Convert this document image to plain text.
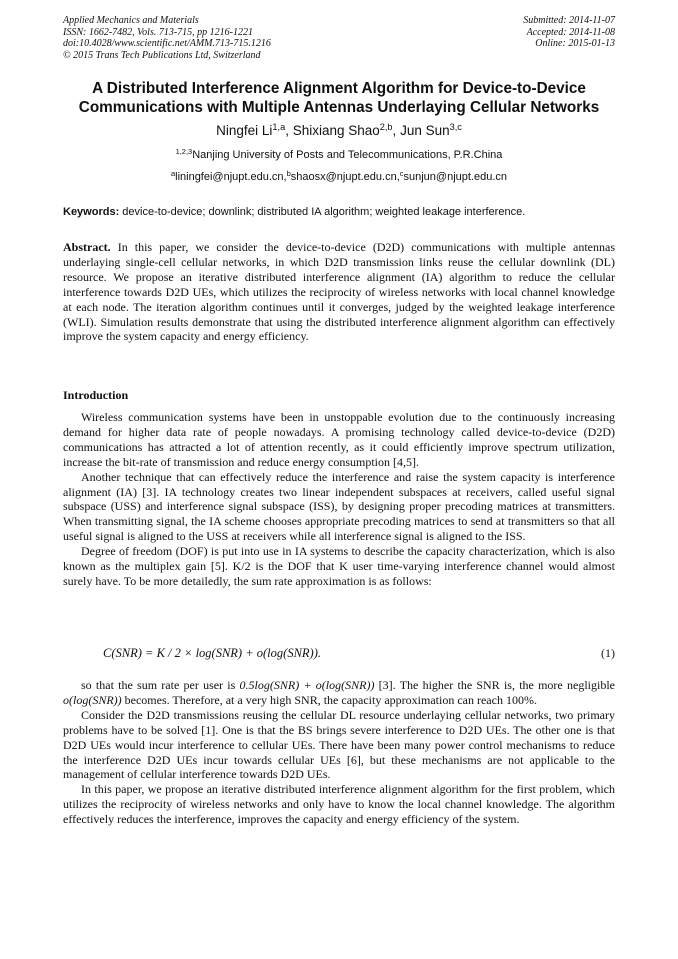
Applied Mechanics and Materials
ISSN: 1662-7482, Vols. 713-715, pp 1216-1221
doi:10.4028/www.scientific.net/AMM.713-715.1216
© 2015 Trans Tech Publications Ltd, Switzerland
Submitted: 2014-11-07
Accepted: 2014-11-08
Online: 2015-01-13
A Distributed Interference Alignment Algorithm for Device-to-Device Communications with Multiple Antennas Underlaying Cellular Networks
Ningfei Li$^{1,a}$, Shixiang Shao$^{2,b}$, Jun Sun$^{3,c}$
$^{1,2,3}$Nanjing University of Posts and Telecommunications, P.R.China
$^a$liningfei@njupt.edu.cn,$^b$shaosx@njupt.edu.cn,$^c$sunjun@njupt.edu.cn
Keywords: device-to-device; downlink; distributed IA algorithm; weighted leakage interference.
Abstract. In this paper, we consider the device-to-device (D2D) communications with multiple antennas underlaying single-cell cellular networks, in which D2D transmission links reuse the cellular downlink (DL) resource. We propose an iterative distributed interference alignment (IA) algorithm to reduce the cellular interference towards D2D UEs, which utilizes the reciprocity of wireless networks with local channel knowledge at each node. The iteration algorithm continues until it converges, judged by the weighted leakage interference (WLI). Simulation results demonstrate that using the distributed interference alignment algorithm can effectively improve the system capacity and energy efficiency.
Introduction

Wireless communication systems have been in unstoppable evolution due to the continuously increasing demand for higher data rate of people nowadays. A promising technology called device-to-device (D2D) communications has attracted a lot of attention recently, as it could efficiently improve spectrum utilization, increase the bit-rate of transmission and reduce energy consumption [4,5].

Another technique that can effectively reduce the interference and raise the system capacity is interference alignment (IA) [3]. IA technology creates two linear independent subspaces at receivers, called useful signal subspace (USS) and interference signal subspace (ISS), by designing proper precoding matrices at transmitters. When transmitting signal, the IA scheme chooses appropriate precoding matrices to send at transmitters so that all useful signal is aligned to the USS at receivers while all interference signal is aligned to the ISS.

Degree of freedom (DOF) is put into use in IA systems to describe the capacity characterization, which is also known as the multiplex gain [5]. K/2 is the DOF that K user time-varying interference channel would almost surely have. To be more detailedly, the sum rate approximation is as follows:

C(SNR) = K / 2 × log(SNR) + o(log(SNR)).	(1)

so that the sum rate per user is 0.5log(SNR) + o(log(SNR)) [3]. The higher the SNR is, the more negligible o(log(SNR)) becomes. Therefore, at a very high SNR, the capacity approximation can reach 100%.

Consider the D2D transmissions reusing the cellular DL resource underlaying cellular networks, two primary problems have to be solved [1]. One is that the BS brings severe interference to D2D UEs. The other one is that D2D UEs would incur interference to cellular UEs. There have been many power control mechanisms to reduce the interference D2D UEs incur towards cellular UEs [6], but these mechanisms are not applicable to the management of cellular interference towards D2D UEs.

In this paper, we propose an iterative distributed interference alignment algorithm for the first problem, which utilizes the reciprocity of wireless networks and only have to know the local channel knowledge. The algorithm effectively reduces the interference, improves the capacity and energy efficiency of the system.
